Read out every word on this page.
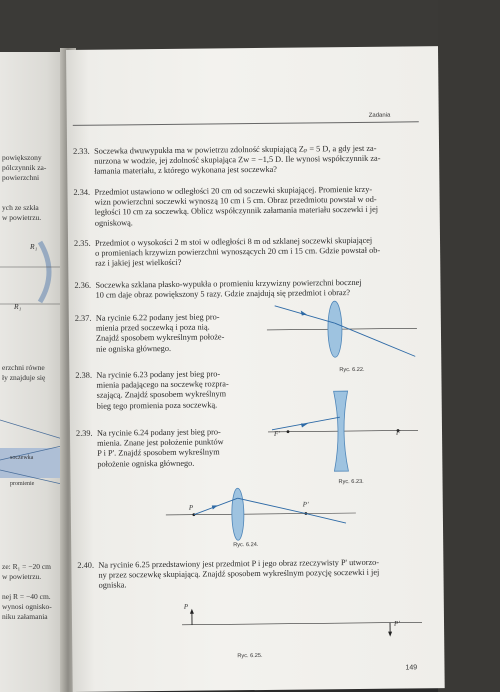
powiększony
pólczynnik za-
powierzchni
ych ze szkła
w powietrzu.
R₁
R₁
erzchni równe
ły znajduje się
soczewka
promienie
ze: R₁ = −20 cm
w powietrzu.
nej R = −40 cm.
wynosi ognisko-
niku załamania
Zadania
2.33. Soczewka dwuwypukła ma w powietrzu zdolność skupiającą Zₚ = 5 D, a gdy jest za-
nurzona w wodzie, jej zdolność skupiająca Zw = −1,5 D. Ile wynosi współczynnik za-
łamania materiału, z którego wykonana jest soczewka?
2.34. Przedmiot ustawiono w odległości 20 cm od soczewki skupiającej. Promienie krzy-
wizn powierzchni soczewki wynoszą 10 cm i 5 cm. Obraz przedmiotu powstał w od-
ległości 10 cm za soczewką. Oblicz współczynnik załamania materiału soczewki i jej
ogniskową.
2.35. Przedmiot o wysokości 2 m stoi w odległości 8 m od szklanej soczewki skupiającej
o promieniach krzywizn powierzchni wynoszących 20 cm i 15 cm. Gdzie powstał ob-
raz i jakiej jest wielkości?
2.36. Soczewka szklana płasko-wypukła o promieniu krzywizny powierzchni bocznej
10 cm daje obraz powiększony 5 razy. Gdzie znajdują się przedmiot i obraz?
2.37. Na rycinie 6.22 podany jest bieg pro-
mienia przed soczewką i poza nią.
Znajdź sposobem wykreślnym położe-
nie ogniska głównego.
Ryc. 6.22.
2.38. Na rycinie 6.23 podany jest bieg pro-
mienia padającego na soczewkę rozpra-
szającą. Znajdź sposobem wykreślnym
bieg tego promienia poza soczewką.
F'	F
Ryc. 6.23.
2.39. Na rycinie 6.24 podany jest bieg pro-
mienia. Znane jest położenie punktów
P i P'. Znajdź sposobem wykreślnym
położenie ogniska głównego.
P	P'
Ryc. 6.24.
2.40. Na rycinie 6.25 przedstawiony jest przedmiot P i jego obraz rzeczywisty P' utworzo-
ny przez soczewkę skupiającą. Znajdź sposobem wykreślnym pozycję soczewki i jej
ogniska.
P
P'
Ryc. 6.25.
149
